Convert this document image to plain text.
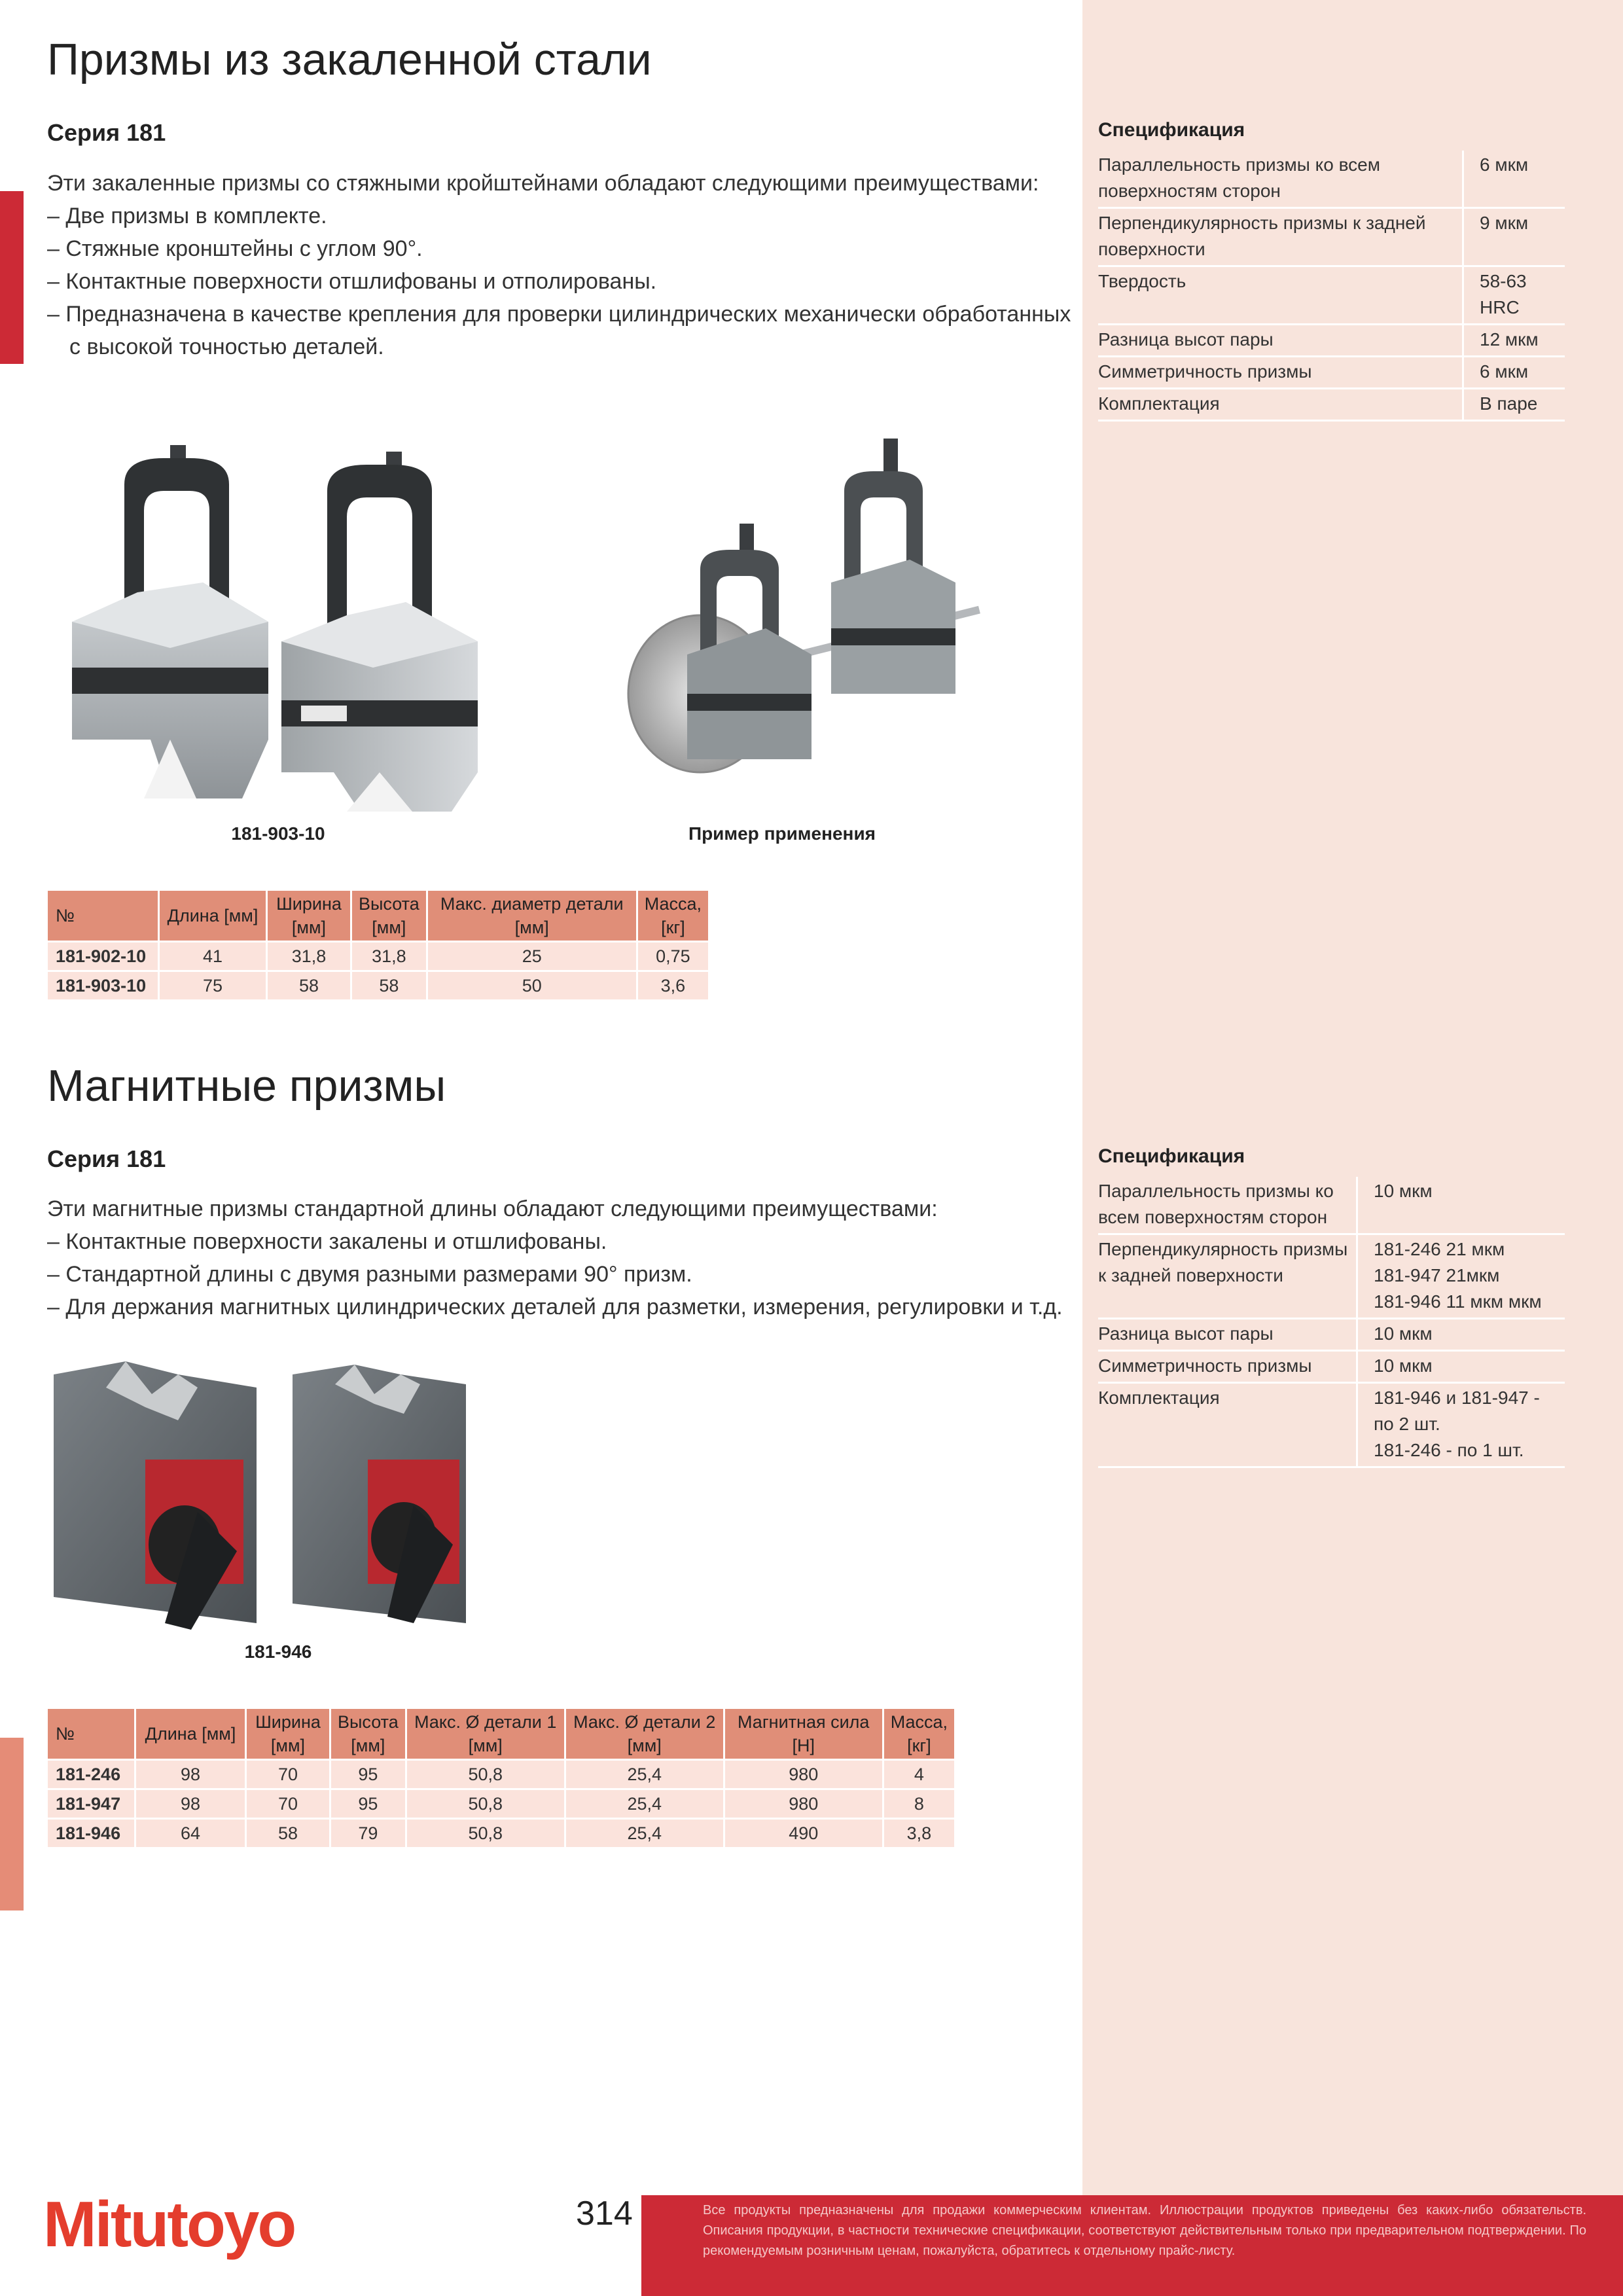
Призмы из закаленной стали
Серия 181
Эти закаленные призмы со стяжными кройштейнами обладают следующими преимуществами:
– Две призмы в комплекте.
– Стяжные кронштейны с углом 90°.
– Контактные поверхности отшлифованы и отполированы.
– Предназначена в качестве крепления для проверки цилиндрических механически обработанных
с высокой точностью деталей.
Спецификация
Параллельность призмы ко всем поверхностям сторон	6 мкм
Перпендикулярность призмы к задней поверхности	9 мкм
Твердость	58-63 HRC
Разница высот пары	12 мкм
Симметричность призмы	6 мкм
Комплектация	В паре
181-903-10	Пример применения
№	Длина [мм]	Ширина [мм]	Высота [мм]	Макс. диаметр детали [мм]	Масса, [кг]
181-902-10	41	31,8	31,8	25	0,75
181-903-10	75	58	58	50	3,6
Магнитные призмы
Серия 181
Эти магнитные призмы стандартной длины обладают следующими преимуществами:
– Контактные поверхности закалены и отшлифованы.
– Стандартной длины с двумя разными размерами 90° призм.
– Для держания магнитных цилиндрических деталей для разметки, измерения, регулировки и т.д.
Спецификация
Параллельность призмы ко всем поверхностям сторон	10 мкм
Перпендикулярность призмы к задней поверхности	181-246 21 мкм
181-947 21мкм
181-946 11 мкм мкм
Разница высот пары	10 мкм
Симметричность призмы	10 мкм
Комплектация	181-946 и 181-947 -
по 2 шт.
181-246 - по 1 шт.
181-946
№	Длина [мм]	Ширина [мм]	Высота [мм]	Макс. Ø детали 1 [мм]	Макс. Ø детали 2 [мм]	Магнитная сила [Н]	Масса, [кг]
181-246	98	70	95	50,8	25,4	980	4
181-947	98	70	95	50,8	25,4	980	8
181-946	64	58	79	50,8	25,4	490	3,8
Mitutoyo	314	Все продукты предназначены для продажи коммерческим клиентам. Иллюстрации продуктов приведены без каких-либо обязательств. Описания продукции, в частности технические спецификации, соответствуют действительным только при предварительном подтверждении. По рекомендуемым розничным ценам, пожалуйста, обратитесь к отдельному прайс-листу.
